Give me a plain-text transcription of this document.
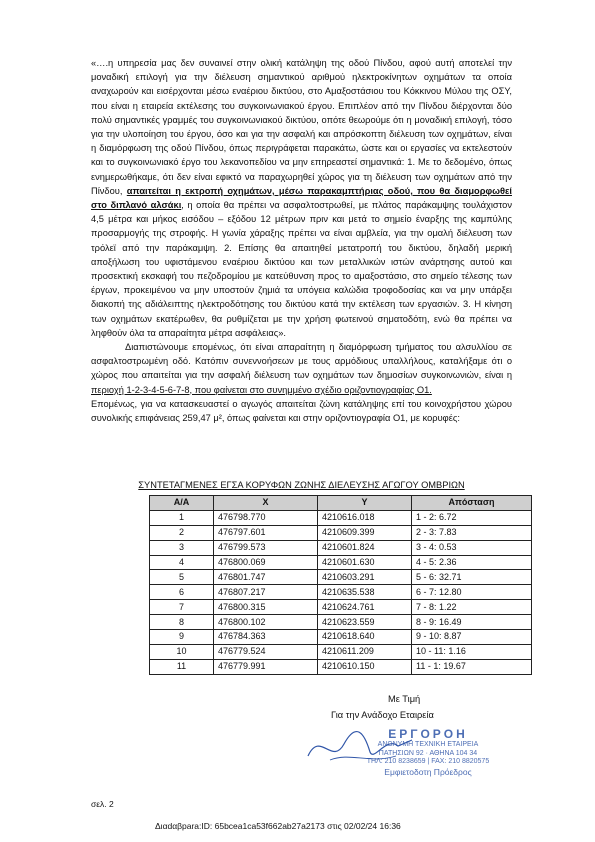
«….η υπηρεσία μας δεν συναινεί στην ολική κατάληψη της οδού Πίνδου, αφού αυτή αποτελεί την μοναδική επιλογή για την διέλευση σημαντικού αριθμού ηλεκτροκίνητων οχημάτων τα οποία αναχωρούν και εισέρχονται μέσω εναέριου δικτύου, στο Αμαξοστάσιου του Κόκκινου Μύλου της ΟΣΥ, που είναι η εταιρεία εκτέλεσης του συγκοινωνιακού έργου. Επιπλέον από την Πίνδου διέρχονται δύο πολύ σημαντικές γραμμές του συγκοινωνιακού δικτύου, οπότε θεωρούμε ότι η μοναδική επιλογή, τόσο για την υλοποίηση του έργου, όσο και για την ασφαλή και απρόσκοπτη διέλευση των οχημάτων, είναι η διαμόρφωση της οδού Πίνδου, όπως περιγράφεται παρακάτω, ώστε και οι εργασίες να εκτελεστούν και το συγκοινωνιακό έργο του λεκανοπεδίου να μην επηρεαστεί σημαντικά: 1. Με το δεδομένο, όπως ενημερωθήκαμε, ότι δεν είναι εφικτό να παραχωρηθεί χώρος για τη διέλευση των οχημάτων από την Πίνδου, απαιτείται η εκτροπή οχημάτων, μέσω παρακαμπτήριας οδού, που θα διαμορφωθεί στο διπλανό αλσάκι, η οποία θα πρέπει να ασφαλτοστρωθεί, με πλάτος παράκαμψης τουλάχιστον 4,5 μέτρα και μήκος εισόδου – εξόδου 12 μέτρων πριν και μετά το σημείο έναρξης της καμπύλης προσαρμογής της στροφής. Η γωνία χάραξης πρέπει να είναι αμβλεία, για την ομαλή διέλευση των τρόλεϊ από την παράκαμψη. 2. Επίσης θα απαιτηθεί μετατροπή του δικτύου, δηλαδή μερική αποξήλωση του υφιστάμενου εναέριου δικτύου και των μεταλλικών ιστών ανάρτησης αυτού και προσεκτική εκσκαφή του πεζοδρομίου με κατεύθυνση προς το αμαξοστάσιο, στο σημείο τέλεσης των έργων, προκειμένου να μην υποστούν ζημιά τα υπόγεια καλώδια τροφοδοσίας και να μην υπάρξει διακοπή της αδιάλειπτης ηλεκτροδότησης του δικτύου κατά την εκτέλεση των εργασιών. 3. Η κίνηση των οχημάτων εκατέρωθεν, θα ρυθμίζεται με την χρήση φωτεινού σηματοδότη, ενώ θα πρέπει να ληφθούν όλα τα απαραίτητα μέτρα ασφάλειας».

Διαπιστώνουμε επομένως, ότι είναι απαραίτητη η διαμόρφωση τμήματος του αλσυλλίου σε ασφαλτοστρωμένη οδό. Κατόπιν συνεννοήσεων με τους αρμόδιους υπαλλήλους, καταλήξαμε ότι ο χώρος που απαιτείται για την ασφαλή διέλευση των οχημάτων των δημοσίων συγκοινωνιών, είναι η περιοχή 1-2-3-4-5-6-7-8, που φαίνεται στο συνημμένο σχέδιο οριζοντιογραφίας Ο1.

Επομένως, για να κατασκευαστεί ο αγωγός απαιτείται ζώνη κατάληψης επί του κοινοχρήστου χώρου συνολικής επιφάνειας 259,47 μ², όπως φαίνεται και στην οριζοντιογραφία Ο1, με κορυφές:

ΣΥΝΤΕΤΑΓΜΕΝΕΣ ΕΓΣΑ ΚΟΡΥΦΩΝ ΖΩΝΗΣ ΔΙΕΛΕΥΣΗΣ ΑΓΩΓΟΥ ΟΜΒΡΙΩΝ
Α/Α	X	Y	Απόσταση
1	476798.770	4210616.018	1 - 2: 6.72
2	476797.601	4210609.399	2 - 3: 7.83
3	476799.573	4210601.824	3 - 4: 0.53
4	476800.069	4210601.630	4 - 5: 2.36
5	476801.747	4210603.291	5 - 6: 32.71
6	476807.217	4210635.538	6 - 7: 12.80
7	476800.315	4210624.761	7 - 8: 1.22
8	476800.102	4210623.559	8 - 9: 16.49
9	476784.363	4210618.640	9 - 10: 8.87
10	476779.524	4210611.209	10 - 11: 1.16
11	476779.991	4210610.150	11 - 1: 19.67
Με Τιμή
Για την Ανάδοχο Εταιρεία
ΕΡΓΟΡΟΗ
ΑΝΩΝΥΜΗ ΤΕΧΝΙΚΗ ΕΤΑΙΡΕΙΑ
ΠΑΤΗΣΙΩΝ 92 · ΑΘΗΝΑ 104 34
ΤΗΛ: 210 8238659 | FAX: 210 8820575
Εμφιετοδοτη Πρόεδρος
σελ. 2
Διαdαβpara:ID: 65bcea1ca53f662ab27a2173 στις 02/02/24 16:36
